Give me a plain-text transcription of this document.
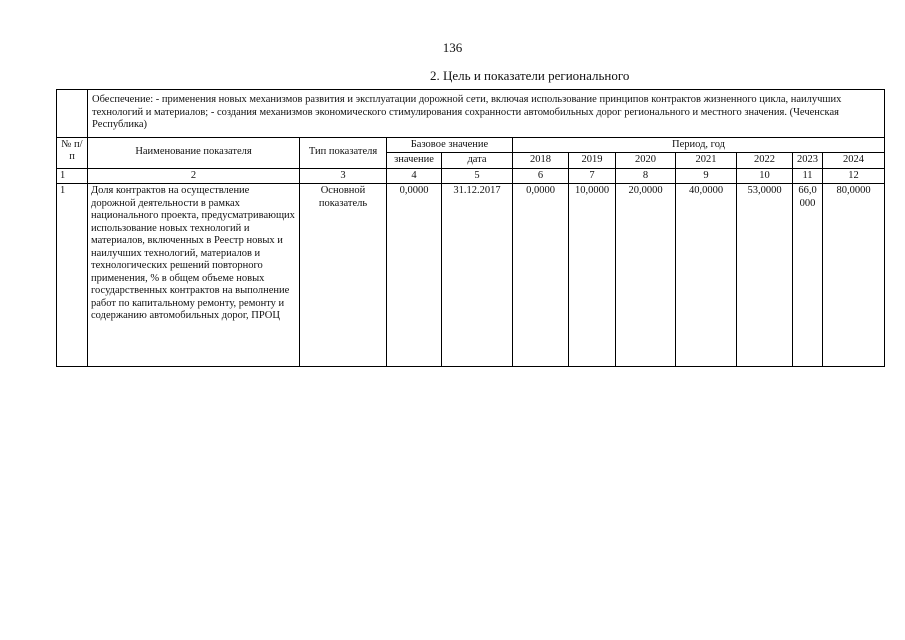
136
2. Цель и показатели регионального
	Обеспечение: - применения новых механизмов развития и эксплуатации дорожной сети, включая использование принципов контрактов жизненного цикла, наилучших технологий и материалов; - создания механизмов экономического стимулирования сохранности автомобильных дорог регионального и местного значения. (Чеченская Республика)										
№ п/п	Наименование показателя	Тип показателя	Базовое значение		Период, год						
			значение	дата	2018	2019	2020	2021	2022	2023	2024
1	2	3	4	5	6	7	8	9	10	11	12
1	Доля контрактов на осуществление дорожной деятельности в рамках национального проекта, предусматривающих использование новых технологий и материалов, включенных в Реестр новых и наилучших технологий, материалов и технологических решений повторного применения, % в общем объеме новых государственных контрактов на выполнение работ по капитальному ремонту, ремонту и содержанию автомобильных дорог, ПРОЦ	Основной показатель	0,0000	31.12.2017	0,0000	10,0000	20,0000	40,0000	53,0000	66,0000	80,0000
